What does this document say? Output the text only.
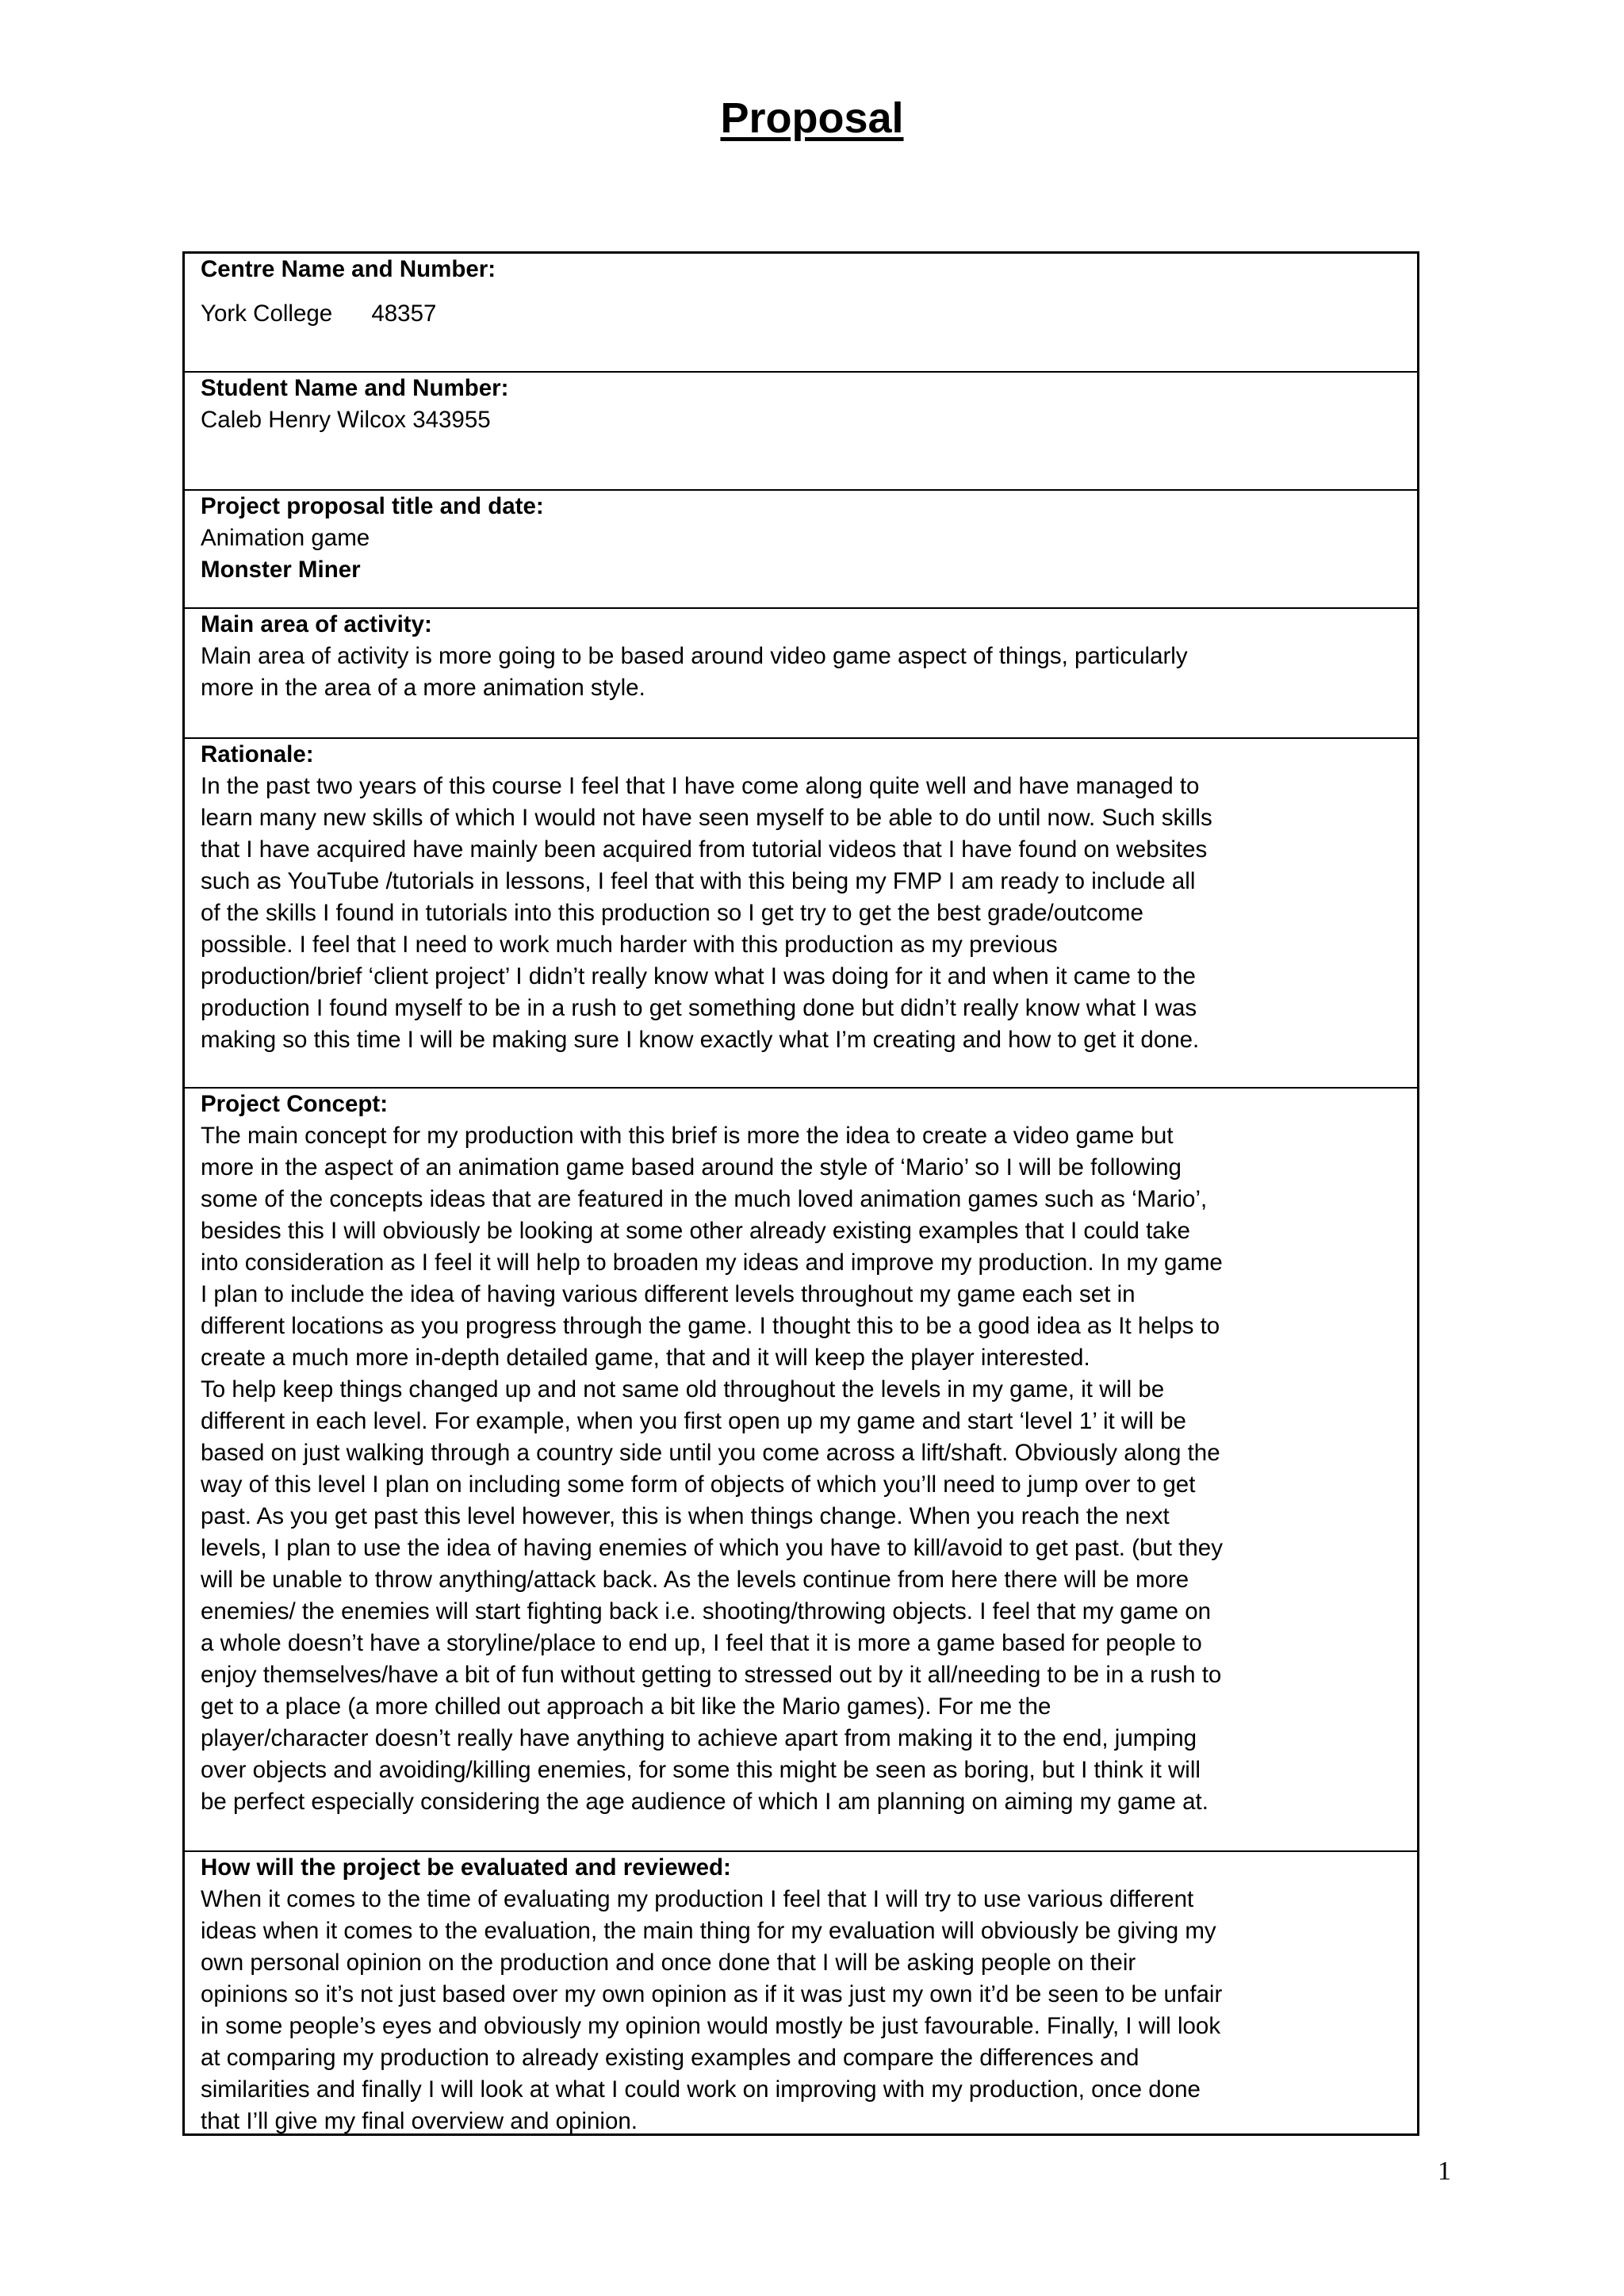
Proposal
Centre Name and Number:
York College      48357
Student Name and Number:
Caleb Henry Wilcox 343955
Project proposal title and date:
Animation game
Monster Miner
Main area of activity:
Main area of activity is more going to be based around video game aspect of things, particularly
more in the area of a more animation style.
Rationale:
In the past two years of this course I feel that I have come along quite well and have managed to
learn many new skills of which I would not have seen myself to be able to do until now. Such skills
that I have acquired have mainly been acquired from tutorial videos that I have found on websites
such as YouTube /tutorials in lessons, I feel that with this being my FMP I am ready to include all
of the skills I found in tutorials into this production so I get try to get the best grade/outcome
possible. I feel that I need to work much harder with this production as my previous
production/brief ‘client project’ I didn’t really know what I was doing for it and when it came to the
production I found myself to be in a rush to get something done but didn’t really know what I was
making so this time I will be making sure I know exactly what I’m creating and how to get it done.
Project Concept:
The main concept for my production with this brief is more the idea to create a video game but
more in the aspect of an animation game based around the style of ‘Mario’ so I will be following
some of the concepts ideas that are featured in the much loved animation games such as ‘Mario’,
besides this I will obviously be looking at some other already existing examples that I could take
into consideration as I feel it will help to broaden my ideas and improve my production. In my game
I plan to include the idea of having various different levels throughout my game each set in
different locations as you progress through the game. I thought this to be a good idea as It helps to
create a much more in-depth detailed game, that and it will keep the player interested.
To help keep things changed up and not same old throughout the levels in my game, it will be
different in each level. For example, when you first open up my game and start ‘level 1’ it will be
based on just walking through a country side until you come across a lift/shaft. Obviously along the
way of this level I plan on including some form of objects of which you’ll need to jump over to get
past. As you get past this level however, this is when things change. When you reach the next
levels, I plan to use the idea of having enemies of which you have to kill/avoid to get past. (but they
will be unable to throw anything/attack back. As the levels continue from here there will be more
enemies/ the enemies will start fighting back i.e. shooting/throwing objects. I feel that my game on
a whole doesn’t have a storyline/place to end up, I feel that it is more a game based for people to
enjoy themselves/have a bit of fun without getting to stressed out by it all/needing to be in a rush to
get to a place (a more chilled out approach a bit like the Mario games). For me the
player/character doesn’t really have anything to achieve apart from making it to the end, jumping
over objects and avoiding/killing enemies, for some this might be seen as boring, but I think it will
be perfect especially considering the age audience of which I am planning on aiming my game at.
How will the project be evaluated and reviewed:
When it comes to the time of evaluating my production I feel that I will try to use various different
ideas when it comes to the evaluation, the main thing for my evaluation will obviously be giving my
own personal opinion on the production and once done that I will be asking people on their
opinions so it’s not just based over my own opinion as if it was just my own it’d be seen to be unfair
in some people’s eyes and obviously my opinion would mostly be just favourable. Finally, I will look
at comparing my production to already existing examples and compare the differences and
similarities and finally I will look at what I could work on improving with my production, once done
that I’ll give my final overview and opinion.
1
